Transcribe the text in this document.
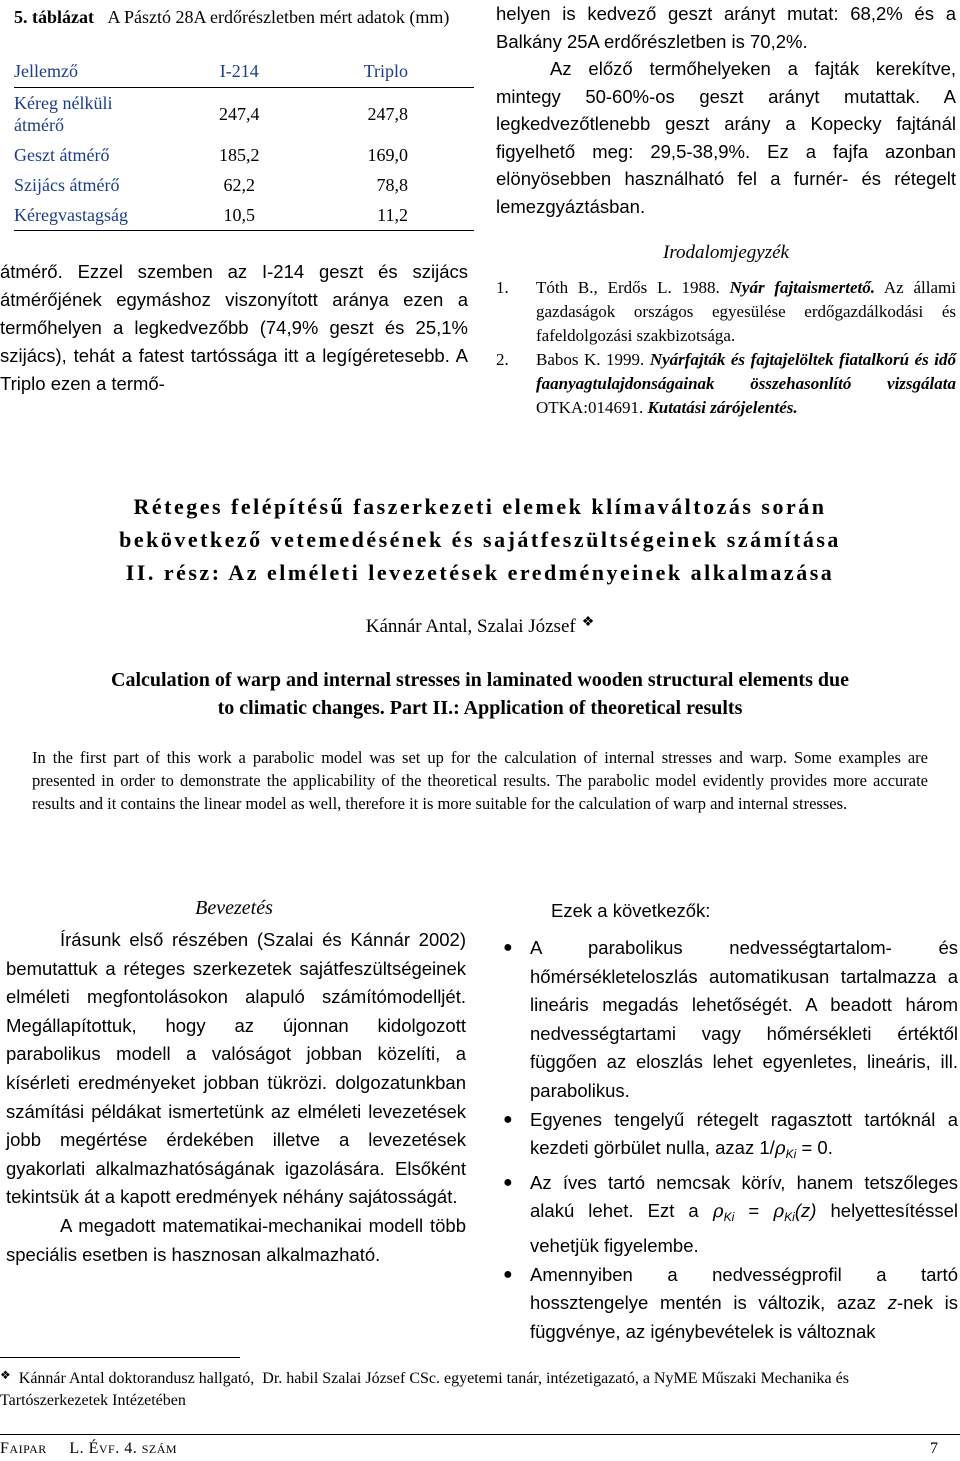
5. táblázat A Pásztó 28A erdőrészletben mért adatok (mm)
Jellemző	I-214	Triplo
Kéreg nélküli átmérő	247,4	247,8
Geszt átmérő	185,2	169,0
Szijács átmérő	62,2	78,8
Kéregvastagság	10,5	11,2
átmérő. Ezzel szemben az I-214 geszt és szijács átmérőjének egymáshoz viszonyított aránya ezen a termőhelyen a legkedvezőbb (74,9% geszt és 25,1% szijács), tehát a fatest tartóssága itt a legígéretesebb. A Triplo ezen a termő-

helyen is kedvező geszt arányt mutat: 68,2% és a Balkány 25A erdőrészletben is 70,2%.

Az előző termőhelyeken a fajták kerekítve, mintegy 50-60%-os geszt arányt mutattak. A legkedvezőtlenebb geszt arány a Kopecky fajtánál figyelhető meg: 29,5-38,9%. Ez a fajfa azonban elönyösebben használható fel a furnér- és rétegelt lemezgyáztásban.

Irodalomjegyzék
1. Tóth B., Erdős L. 1988. Nyár fajtaismertető. Az állami gazdaságok országos egyesülése erdőgazdálkodási és fafeldolgozási szakbizotsága.
2. Babos K. 1999. Nyárfajták és fajtajelöltek fiatalkorú és idő faanyagtulajdonságainak összehasonlító vizsgálata OTKA:014691. Kutatási zárójelentés.
Réteges felépítésű faszerkezeti elemek klímaváltozás során
bekövetkező vetemedésének és sajátfeszültségeinek számítása
II. rész: Az elméleti levezetések eredményeinek alkalmazása
Kánnár Antal, Szalai József ❖
Calculation of warp and internal stresses in laminated wooden structural elements due
to climatic changes. Part II.: Application of theoretical results
In the first part of this work a parabolic model was set up for the calculation of internal stresses and warp. Some examples are presented in order to demonstrate the applicability of the theoretical results. The parabolic model evidently provides more accurate results and it contains the linear model as well, therefore it is more suitable for the calculation of warp and internal stresses.
Bevezetés

Írásunk első részében (Szalai és Kánnár 2002) bemutattuk a réteges szerkezetek sajátfeszültségeinek elméleti megfontolásokon alapuló számítómodelljét. Megállapítottuk, hogy az újonnan kidolgozott parabolikus modell a valóságot jobban közelíti, a kísérleti eredményeket jobban tükrözi. dolgozatunkban számítási példákat ismertetünk az elméleti levezetések jobb megértése érdekében illetve a levezetések gyakorlati alkalmazhatóságának igazolására. Elsőként tekintsük át a kapott eredmények néhány sajátosságát.

A megadott matematikai-mechanikai modell több speciális esetben is hasznosan alkalmazható.

Ezek a következők:
● A parabolikus nedvességtartalom- és hőmérsékleteloszlás automatikusan tartalmazza a lineáris megadás lehetőségét. A beadott három nedvességtartami vagy hőmérsékleti értéktől függően az eloszlás lehet egyenletes, lineáris, ill. parabolikus.
● Egyenes tengelyű rétegelt ragasztott tartóknál a kezdeti görbület nulla, azaz $1/\rho_{Ki} = 0$.
● Az íves tartó nemcsak körív, hanem tetszőleges alakú lehet. Ezt a $\rho_{Ki} = \rho_{Ki}(z)$ helyettesítéssel vehetjük figyelembe.
● Amennyiben a nedvességprofil a tartó hossztengelye mentén is változik, azaz z-nek is függvénye, az igénybevételek is változnak
❖ Kánnár Antal doktorandusz hallgató, Dr. habil Szalai József CSc. egyetemi tanár, intézetigazató, a NyME Műszaki Mechanika és Tartószerkezetek Intézetében
FAIPAR L. ÉVF. 4. SZÁM	7
